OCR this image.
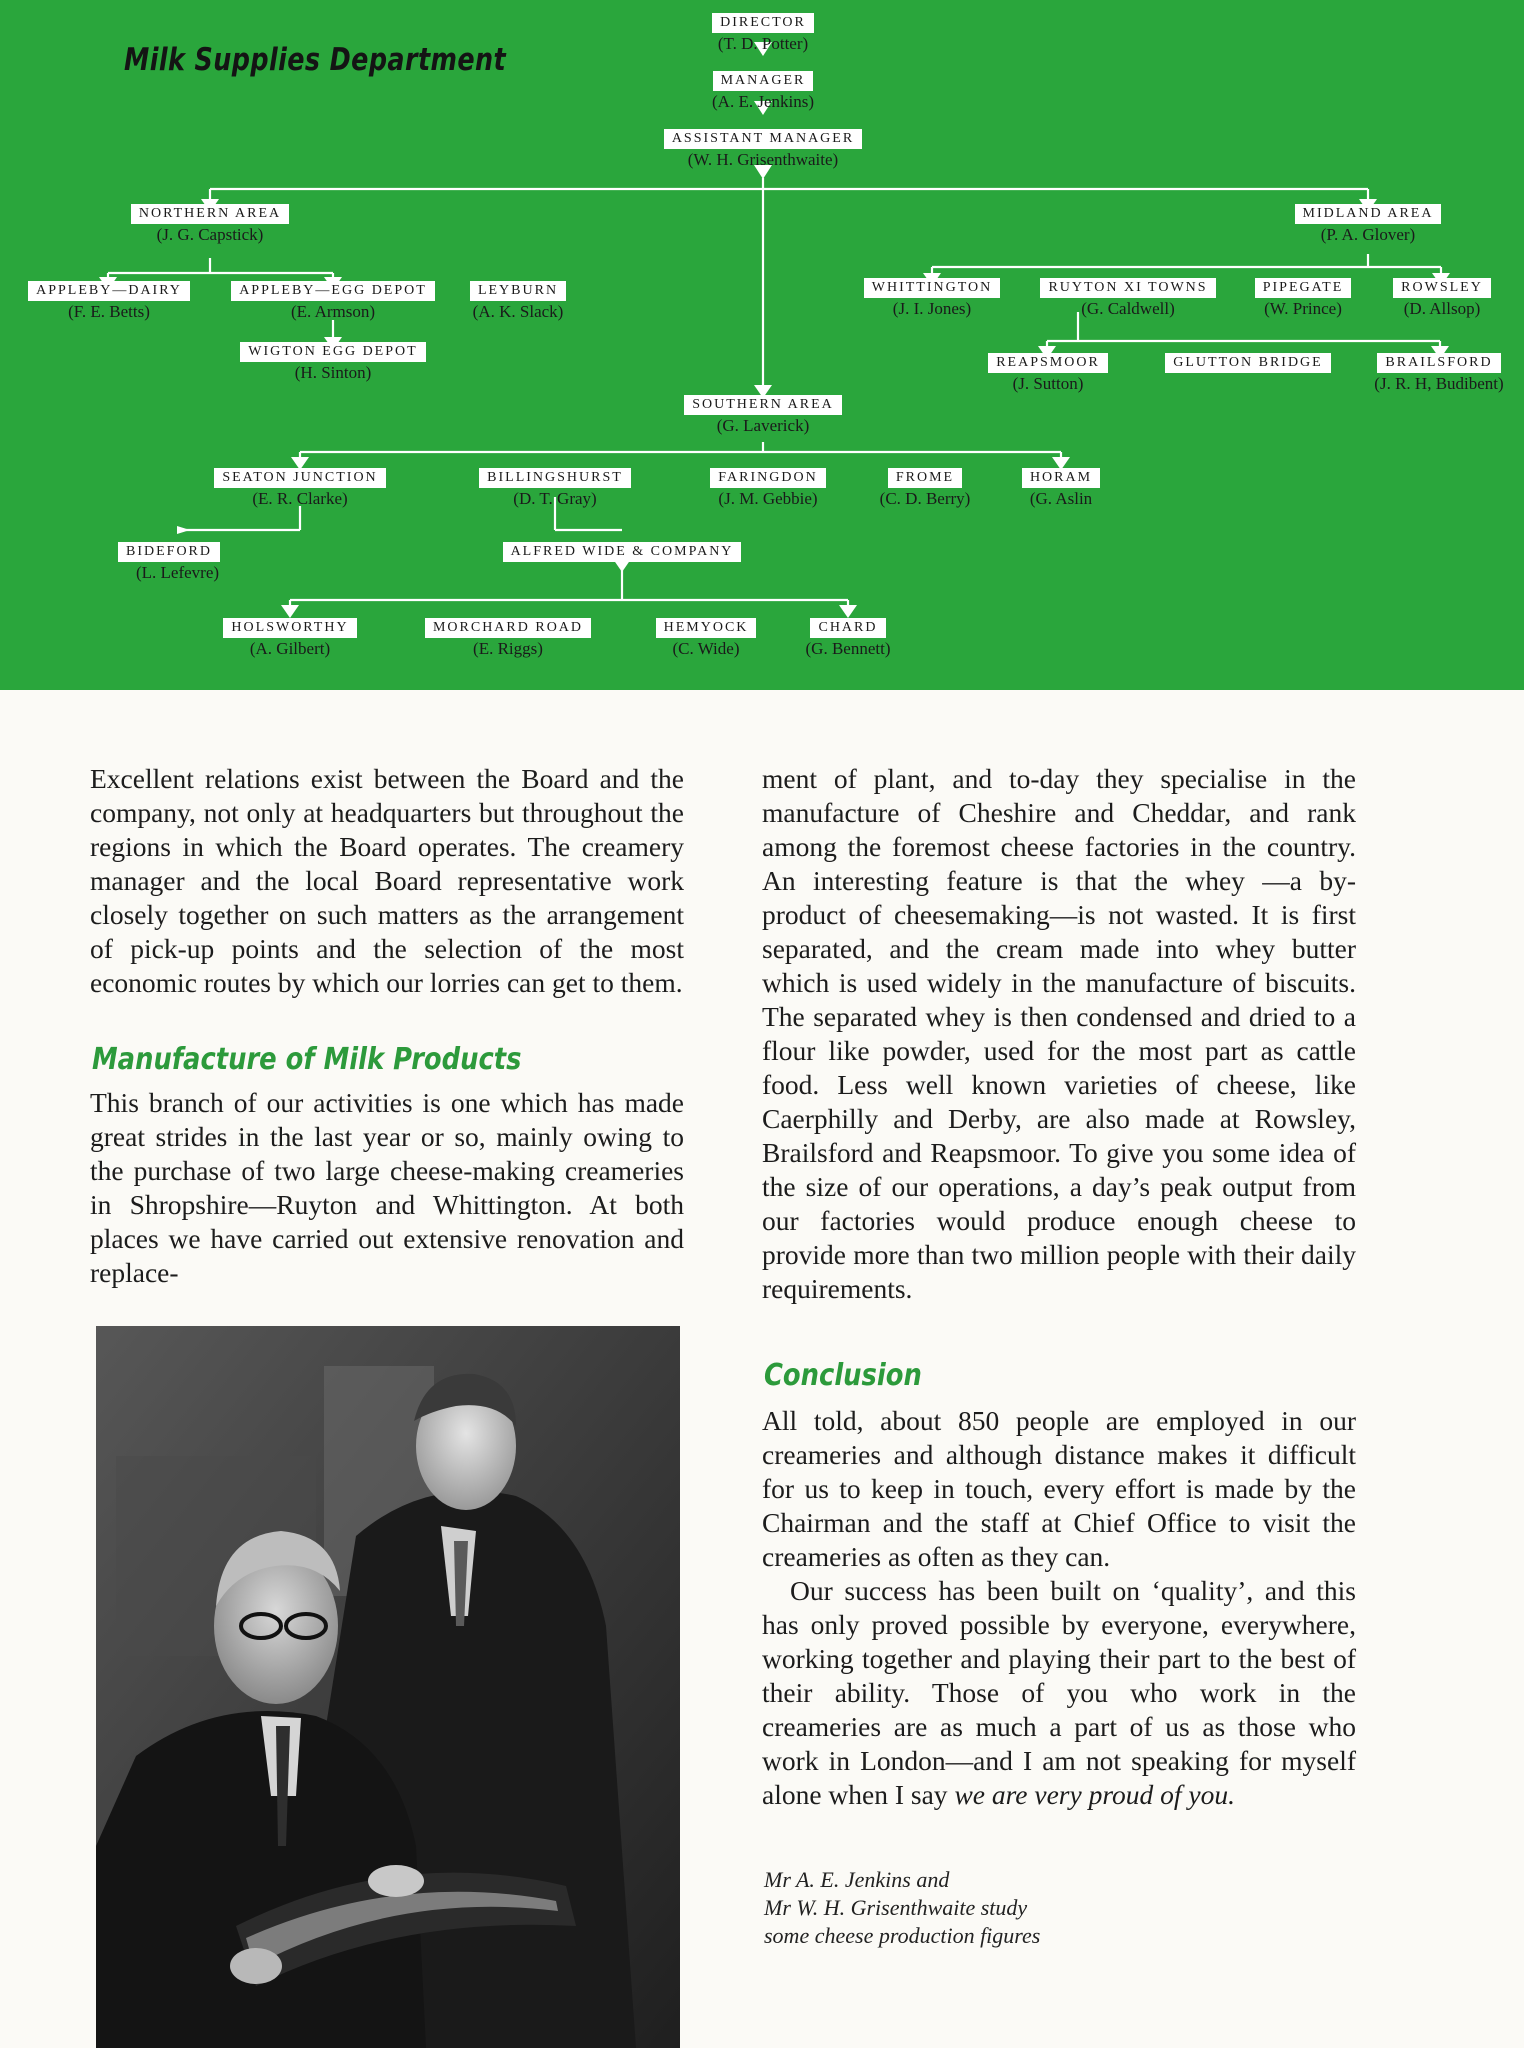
Milk Supplies Department
DIRECTOR
(T. D. Potter)
MANAGER
(A. E. Jenkins)
ASSISTANT MANAGER
(W. H. Grisenthwaite)
NORTHERN AREA
(J. G. Capstick)
APPLEBY—DAIRY
(F. E. Betts)
APPLEBY—EGG DEPOT
(E. Armson)
LEYBURN
(A. K. Slack)
WIGTON EGG DEPOT
(H. Sinton)
MIDLAND AREA
(P. A. Glover)
WHITTINGTON
(J. I. Jones)
RUYTON XI TOWNS
(G. Caldwell)
PIPEGATE
(W. Prince)
ROWSLEY
(D. Allsop)
REAPSMOOR
(J. Sutton)
GLUTTON BRIDGE	BRAILSFORD
(J. R. H, Budibent)
SOUTHERN AREA
(G. Laverick)
SEATON JUNCTION
(E. R. Clarke)
BILLINGSHURST
(D. T. Gray)
FARINGDON
(J. M. Gebbie)
FROME
(C. D. Berry)
HORAM
(G. Aslin
BIDEFORD
(L. Lefevre)
ALFRED WIDE & COMPANY
HOLSWORTHY
(A. Gilbert)
MORCHARD ROAD
(E. Riggs)
HEMYOCK
(C. Wide)
CHARD
(G. Bennett)

Excellent relations exist between the Board and the company, not only at headquarters but throughout the regions in which the Board operates. The creamery manager and the local Board representative work closely together on such matters as the arrangement of pick-up points and the selection of the most economic routes by which our lorries can get to them.

Manufacture of Milk Products

This branch of our activities is one which has made great strides in the last year or so, mainly owing to the purchase of two large cheese-making creameries in Shropshire—Ruyton and Whittington. At both places we have carried out extensive renovation and replace-

ment of plant, and to-day they specialise in the manufacture of Cheshire and Cheddar, and rank among the foremost cheese factories in the country. An interesting feature is that the whey —a by-product of cheesemaking—is not wasted. It is first separated, and the cream made into whey butter which is used widely in the manufacture of biscuits. The separated whey is then condensed and dried to a flour like powder, used for the most part as cattle food. Less well known varieties of cheese, like Caerphilly and Derby, are also made at Rowsley, Brailsford and Reapsmoor. To give you some idea of the size of our operations, a day’s peak output from our factories would produce enough cheese to provide more than two million people with their daily requirements.

Conclusion

All told, about 850 people are employed in our creameries and although distance makes it difficult for us to keep in touch, every effort is made by the Chairman and the staff at Chief Office to visit the creameries as often as they can.

Our success has been built on ‘quality’, and this has only proved possible by everyone, everywhere, working together and playing their part to the best of their ability. Those of you who work in the creameries are as much a part of us as those who work in London—and I am not speaking for myself alone when I say we are very proud of you.

Mr A. E. Jenkins and

Mr W. H. Grisenthwaite study

some cheese production figures
